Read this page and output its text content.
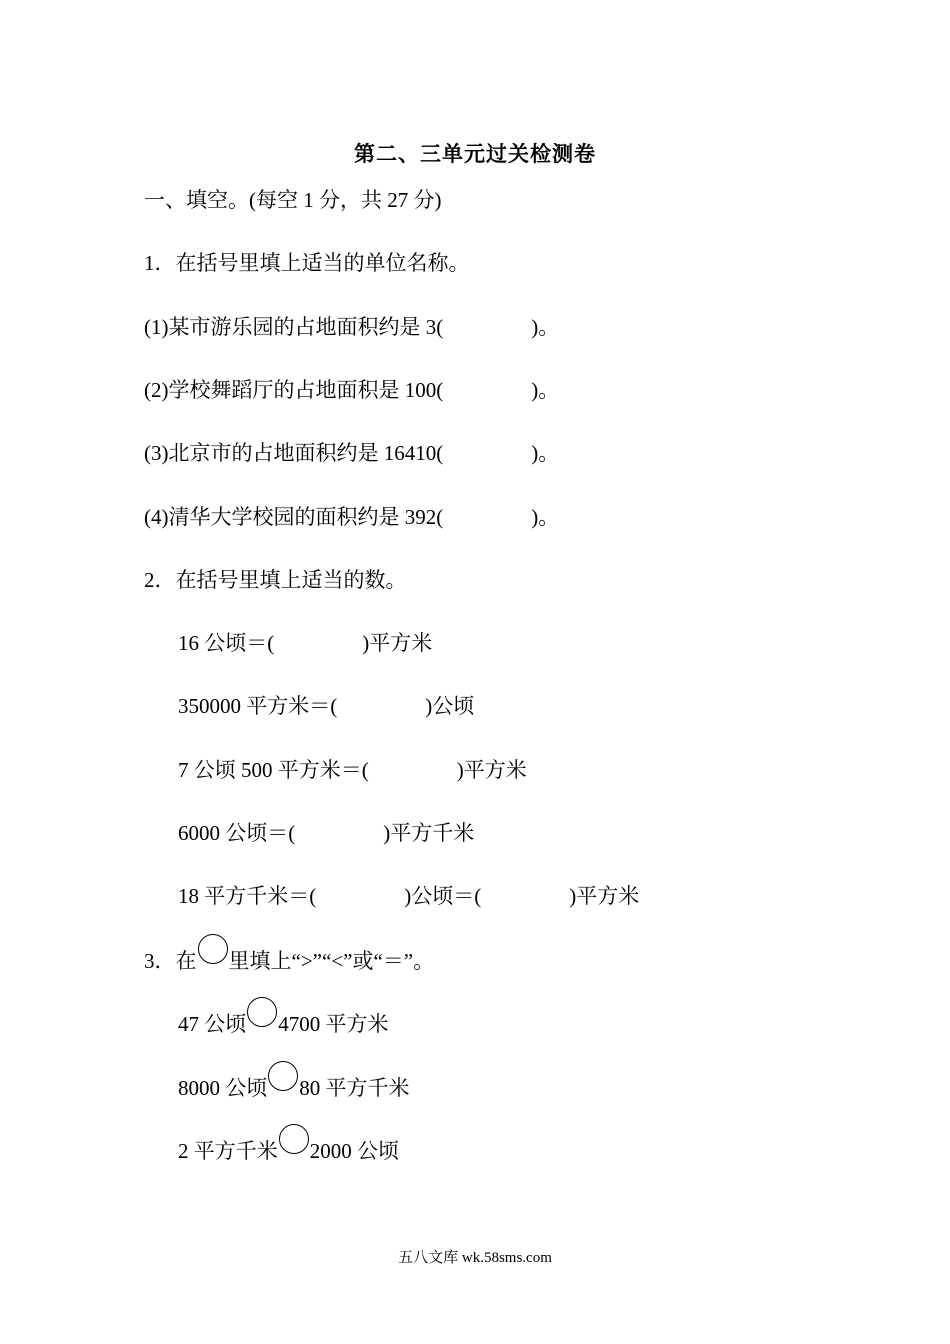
第二、三单元过关检测卷
一、填空。(每空 1 分，共 27 分)
1．在括号里填上适当的单位名称。
(1)某市游乐园的占地面积约是 3(	)。
(2)学校舞蹈厅的占地面积是 100(	)。
(3)北京市的占地面积约是 16410(	)。
(4)清华大学校园的面积约是 392(	)。
2．在括号里填上适当的数。
16 公顷＝(	)平方米
350000 平方米＝(	)公顷
7 公顷 500 平方米＝(	)平方米
6000 公顷＝(	)平方千米
18 平方千米＝(	)公顷＝(	)平方米
3．在 里填上“>”“<”或“＝”。
47 公顷 4700 平方米
8000 公顷 80 平方千米
2 平方千米 2000 公顷
五八文库 wk.58sms.com
